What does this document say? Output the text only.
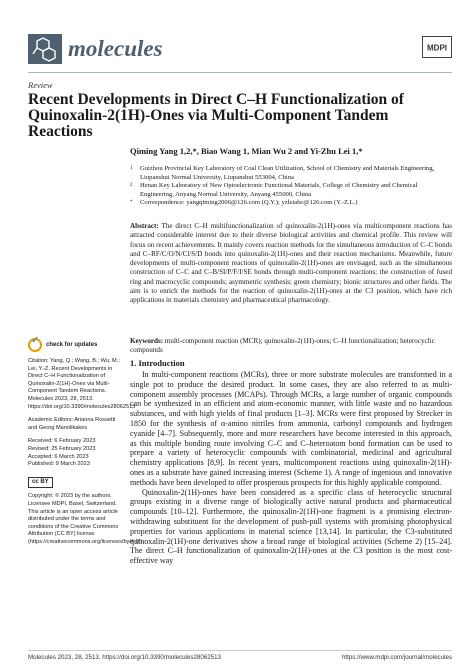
molecules	MDPI
Review
Recent Developments in Direct C–H Functionalization of Quinoxalin-2(1H)-Ones via Multi-Component Tandem Reactions
Qiming Yang 1,2,*, Biao Wang 1, Mian Wu 2 and Yi-Zhu Lei 1,*
1 Guizhou Provincial Key Laboratory of Coal Clean Utilization, School of Chemistry and Materials Engineering, Liupanshui Normal University, Liupanshui 553004, China
2 Henan Key Laboratory of New Optoelectronic Functional Materials, College of Chemistry and Chemical Engineering, Anyang Normal University, Anyang 455000, China
* Correspondence: yangqiming2006@126.com (Q.Y.); yzleiabc@126.com (Y.-Z.L.)
Abstract: The direct C–H multifunctionalization of quinoxalin-2(1H)-ones via multicomponent reactions has attracted considerable interest due to their diverse biological activities and chemical profile. This review will focus on recent achievements. It mainly covers reaction methods for the simultaneous introduction of C–C bonds and C–RF/C/O/N/Cl/S/D bonds into quinoxalin-2(1H)-ones and their reaction mechanisms. Meanwhile, future developments of multi-component reactions of quinoxalin-2(1H)-ones are envisaged, such as the simultaneous construction of C–C and C–B/SI/P/F/I/SE bonds through multi-component reactions; the construction of fused ring and macrocyclic compounds; asymmetric synthesis; green chemistry; bionic structures and other fields. The aim is to enrich the methods for the reaction of quinoxalin-2(1H)-ones at the C3 position, which have rich applications in materials chemistry and pharmaceutical pharmacology.
Keywords: multi-component reaction (MCR); quinoxalin-2(1H)-ones; C–H functionalization; heterocyclic compounds
✓
check for updates

Citation: Yang, Q.; Wang, B.; Wu, M.; Lei, Y.-Z. Recent Developments in Direct C–H Functionalization of Quinoxalin-2(1H)-Ones via Multi-Component Tandem Reactions. Molecules 2023, 28, 2513. https://doi.org/10.3390/molecules28062513

Academic Editors: Arianna Rossetti and Georg Manolikakes

Received: 6 February 2023
Revised: 25 February 2023
Accepted: 6 March 2023
Published: 9 March 2023

cc BY

Copyright: © 2023 by the authors. Licensee MDPI, Basel, Switzerland. This article is an open access article distributed under the terms and conditions of the Creative Commons Attribution (CC BY) license (https://creativecommons.org/licenses/by/4.0/).

1. Introduction

In multi-component reactions (MCRs), three or more substrate molecules are transformed in a single pot to produce the desired product. In some cases, they are also referred to as multi-component assembly processes (MCAPs). Through MCRs, a large number of organic compounds can be synthesized in an efficient and atom-economic manner, with little waste and no hazardous substances, and with high yields of final products [1–3]. MCRs were first proposed by Strecker in 1850 for the synthesis of α-amino nitriles from ammonia, carbonyl compounds and hydrogen cyanide [4–7]. Subsequently, more and more researchers have become interested in this approach, as this multiple bonding route involving C–C and C–heteroatom bond formation can be used to prepare a variety of heterocyclic compounds with combinatorial, medicinal and agricultural chemistry applications [8,9]. In recent years, multicomponent reactions using quinoxalin-2(1H)-ones as a substrate have gained increasing interest (Scheme 1). A range of ingenious and innovative methods have been developed to offer prosperous prospects for this highly applicable compound.

Quinoxalin-2(1H)-ones have been considered as a specific class of heterocyclic structural groups existing in a diverse range of biologically active natural products and pharmaceutical compounds [10–12]. Furthermore, the quinoxalin-2(1H)-one fragment is a promising electron-withdrawing substituent for the development of push-pull systems with promising photophysical properties for various applications in material science [13,14]. In particular, the C3-substituted quinoxalin-2(1H)-one derivatives show a broad range of biological activities (Scheme 2) [15–24]. The direct C–H functionalization of quinoxalin-2(1H)-ones at the C3 position is the most cost-effective way

Molecules 2023, 28, 2513. https://doi.org/10.3390/molecules28062513	https://www.mdpi.com/journal/molecules
